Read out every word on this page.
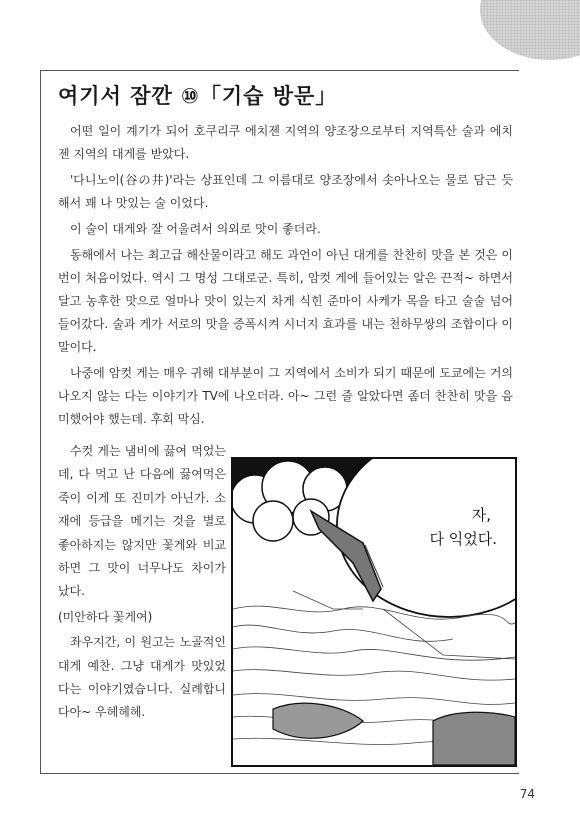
여기서 잠깐 ⑩「기습 방문」

어떤 일이 계기가 되어 호쿠리쿠 에치젠 지역의 양조장으로부터 지역특산 술과 에치젠 지역의 대게를 받았다.

'다니노이(谷の井)'라는 상표인데 그 이름대로 양조장에서 솟아나오는 물로 담근 듯 해서 꽤 나 맛있는 술 이었다.

이 술이 대게와 잘 어울려서 의외로 맛이 좋더라.

동해에서 나는 최고급 해산물이라고 해도 과언이 아닌 대게를 찬찬히 맛을 본 것은 이번이 처음이었다. 역시 그 명성 그대로군. 특히, 암컷 게에 들어있는 알은 끈적~ 하면서 달고 농후한 맛으로 얼마나 맛이 있는지 차게 식힌 준마이 사케가 목을 타고 술술 넘어 들어갔다. 술과 게가 서로의 맛을 증폭시켜 시너지 효과를 내는 천하무쌍의 조합이다 이 말이다.

나중에 암컷 게는 매우 귀해 대부분이 그 지역에서 소비가 되기 때문에 도쿄에는 거의 나오지 않는 다는 이야기가 TV에 나오더라. 아~ 그런 줄 알았다면 좀더 찬찬히 맛을 음미했어야 했는데. 후회 막심.

수컷 게는 냄비에 끓여 먹었는데, 다 먹고 난 다음에 끓여먹은 죽이 이게 또 진미가 아닌가. 소재에 등급을 메기는 것을 별로 좋아하지는 않지만 꽃게와 비교하면 그 맛이 너무나도 차이가 났다.

(미안하다 꽃게여)

좌우지간, 이 원고는 노골적인 대게 예찬. 그냥 대게가 맛있었다는 이야기였습니다. 실례합니다아~ 우헤헤헤.

자,
다 익었다.
74
